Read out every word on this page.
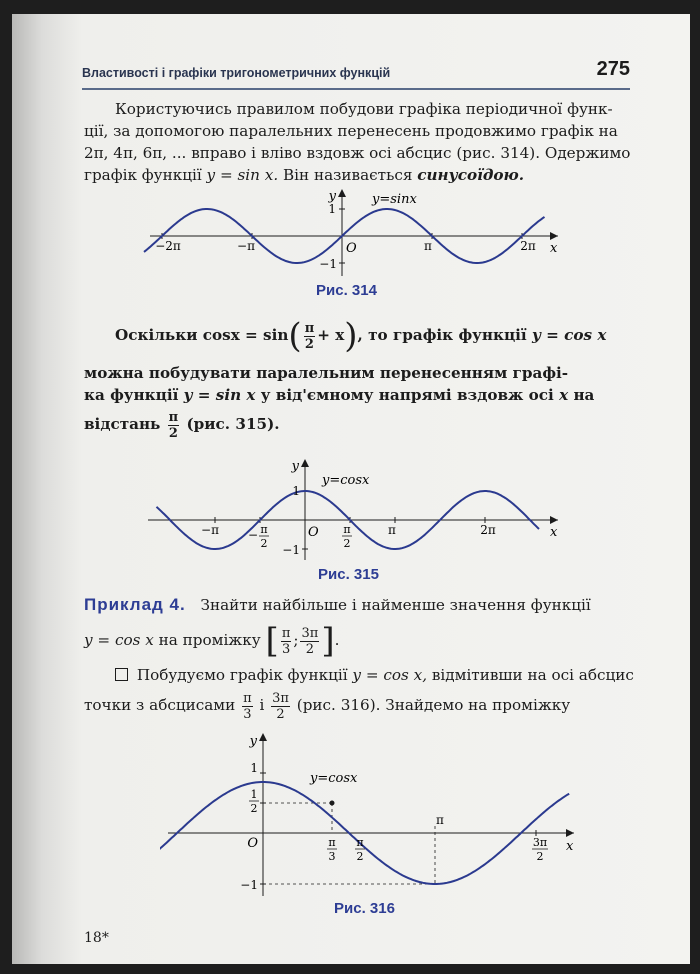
Властивості і графіки тригонометричних функцій	275
Користуючись правилом побудови графіка періодичної функ-
ції, за допомогою паралельних перенесень продовжимо графік на
2π, 4π, 6π, ... вправо і вліво вздовж осі абсцис (рис. 314). Одержимо
графік функції y = sin x. Він називається синусоїдою.
y=sinx
y
x
O
1
−1
−2π	−π	π	2π
Рис. 314
Оскільки $\cos x = \sin( \frac{\pi}{2} + x)$, то графік функції y = cos x
можна побудувати паралельним перенесенням графі-
ка функції y = sin x у від'ємному напрямі вздовж осі x на
відстань $\frac{\pi}{2} (рис$. 315).
y=cosx
y
x
O
1
−1
−π	π	2π
− π
2
π
2
Рис. 315
Приклад 4. Знайти найбільше і найменше значення функції
y = cos x на проміжку [ $\frac{\pi}{3}$ ; $\frac{3\pi}{2}$ ].
Побудуємо графік функції y = cos x, відмітивши на осі абсцис
точки з абсцисами $\frac{\pi}{3}$ і $\frac{3\pi}{2} (рис$. 316). Знайдемо на проміжку
y=cosx
y
x
O
1
−1
1
2
π
3
π
2
π
3π
2
Рис. 316
18*
